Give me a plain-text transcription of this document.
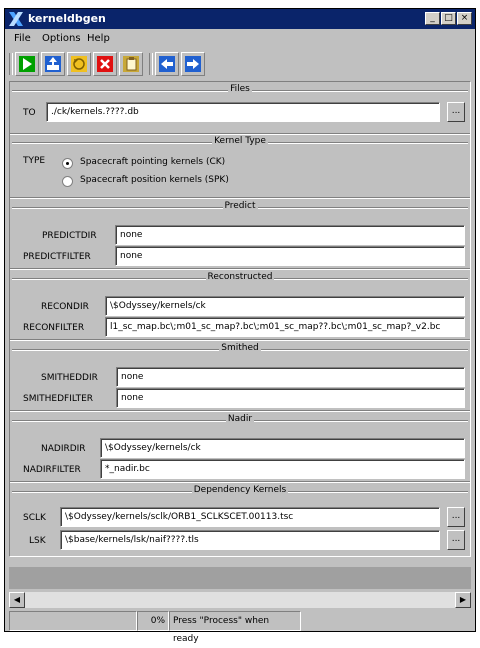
kerneldbgen	_	□ ×
File Options Help
Files
TO	./ck/kernels.????.db	...
Kernel Type
TYPE	Spacecraft pointing kernels (CK)
Spacecraft position kernels (SPK)
Predict
PREDICTDIR	none
PREDICTFILTER	none
Reconstructed
RECONDIR	\$Odyssey/kernels/ck
RECONFILTER	l1_sc_map.bc\;m01_sc_map?.bc\;m01_sc_map??.bc\;m01_sc_map?_v2.bc
Smithed
SMITHEDDIR	none
SMITHEDFILTER	none
Nadir
NADIRDIR	\$Odyssey/kernels/ck
NADIRFILTER	*_nadir.bc
Dependency Kernels
SCLK	\$Odyssey/kernels/sclk/ORB1_SCLKSCET.00113.tsc	...
LSK	\$base/kernels/lsk/naif????.tls	...
◀	▶
0% Press "Process" when ready
